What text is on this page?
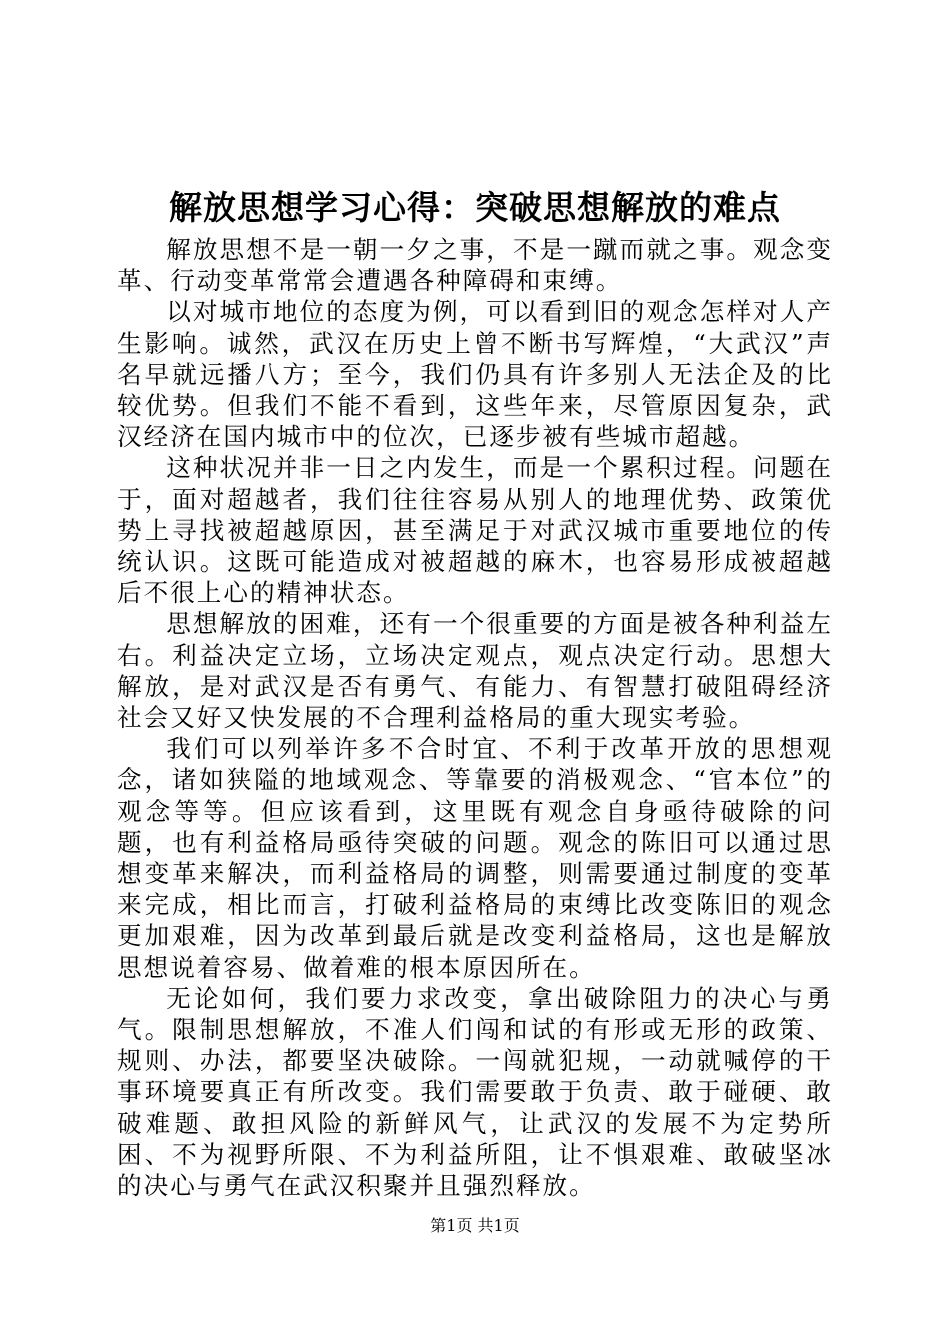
解放思想学习心得：突破思想解放的难点

解放思想不是一朝一夕之事，不是一蹴而就之事。观念变革、行动变革常常会遭遇各种障碍和束缚。

以对城市地位的态度为例，可以看到旧的观念怎样对人产生影响。诚然，武汉在历史上曾不断书写辉煌，“大武汉”声名早就远播八方；至今，我们仍具有许多别人无法企及的比较优势。但我们不能不看到，这些年来，尽管原因复杂，武汉经济在国内城市中的位次，已逐步被有些城市超越。

这种状况并非一日之内发生，而是一个累积过程。问题在于，面对超越者，我们往往容易从别人的地理优势、政策优势上寻找被超越原因，甚至满足于对武汉城市重要地位的传统认识。这既可能造成对被超越的麻木，也容易形成被超越后不很上心的精神状态。

思想解放的困难，还有一个很重要的方面是被各种利益左右。利益决定立场，立场决定观点，观点决定行动。思想大解放，是对武汉是否有勇气、有能力、有智慧打破阻碍经济社会又好又快发展的不合理利益格局的重大现实考验。

我们可以列举许多不合时宜、不利于改革开放的思想观念，诸如狭隘的地域观念、等靠要的消极观念、“官本位”的观念等等。但应该看到，这里既有观念自身亟待破除的问题，也有利益格局亟待突破的问题。观念的陈旧可以通过思想变革来解决，而利益格局的调整，则需要通过制度的变革来完成，相比而言，打破利益格局的束缚比改变陈旧的观念更加艰难，因为改革到最后就是改变利益格局，这也是解放思想说着容易、做着难的根本原因所在。

无论如何，我们要力求改变，拿出破除阻力的决心与勇气。限制思想解放，不准人们闯和试的有形或无形的政策、规则、办法，都要坚决破除。一闯就犯规，一动就喊停的干事环境要真正有所改变。我们需要敢于负责、敢于碰硬、敢破难题、敢担风险的新鲜风气，让武汉的发展不为定势所困、不为视野所限、不为利益所阻，让不惧艰难、敢破坚冰的决心与勇气在武汉积聚并且强烈释放。

第1页 共1页
